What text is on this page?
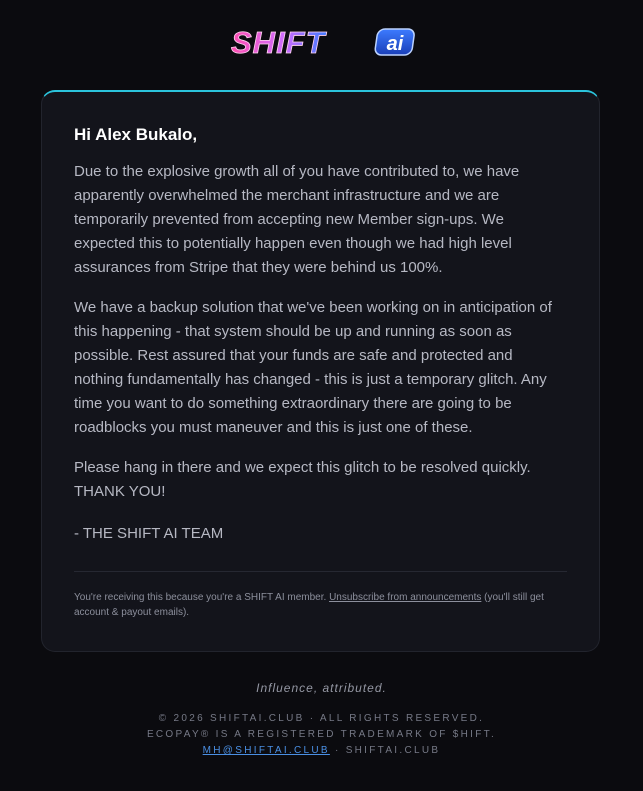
SHIFT	ai
Hi Alex Bukalo,

Due to the explosive growth all of you have contributed to, we have apparently overwhelmed the merchant infrastructure and we are temporarily prevented from accepting new Member sign-ups. We expected this to potentially happen even though we had high level assurances from Stripe that they were behind us 100%.

We have a backup solution that we've been working on in anticipation of this happening - that system should be up and running as soon as possible. Rest assured that your funds are safe and protected and nothing fundamentally has changed - this is just a temporary glitch. Any time you want to do something extraordinary there are going to be roadblocks you must maneuver and this is just one of these.

Please hang in there and we expect this glitch to be resolved quickly. THANK YOU!

- THE SHIFT AI TEAM

You're receiving this because you're a SHIFT AI member. Unsubscribe from announcements (you'll still get account & payout emails).

Influence, attributed.

© 2026 SHIFTAI.CLUB · ALL RIGHTS RESERVED.

ECOPAY® IS A REGISTERED TRADEMARK OF $HIFT.

MH@SHIFTAI.CLUB · SHIFTAI.CLUB
